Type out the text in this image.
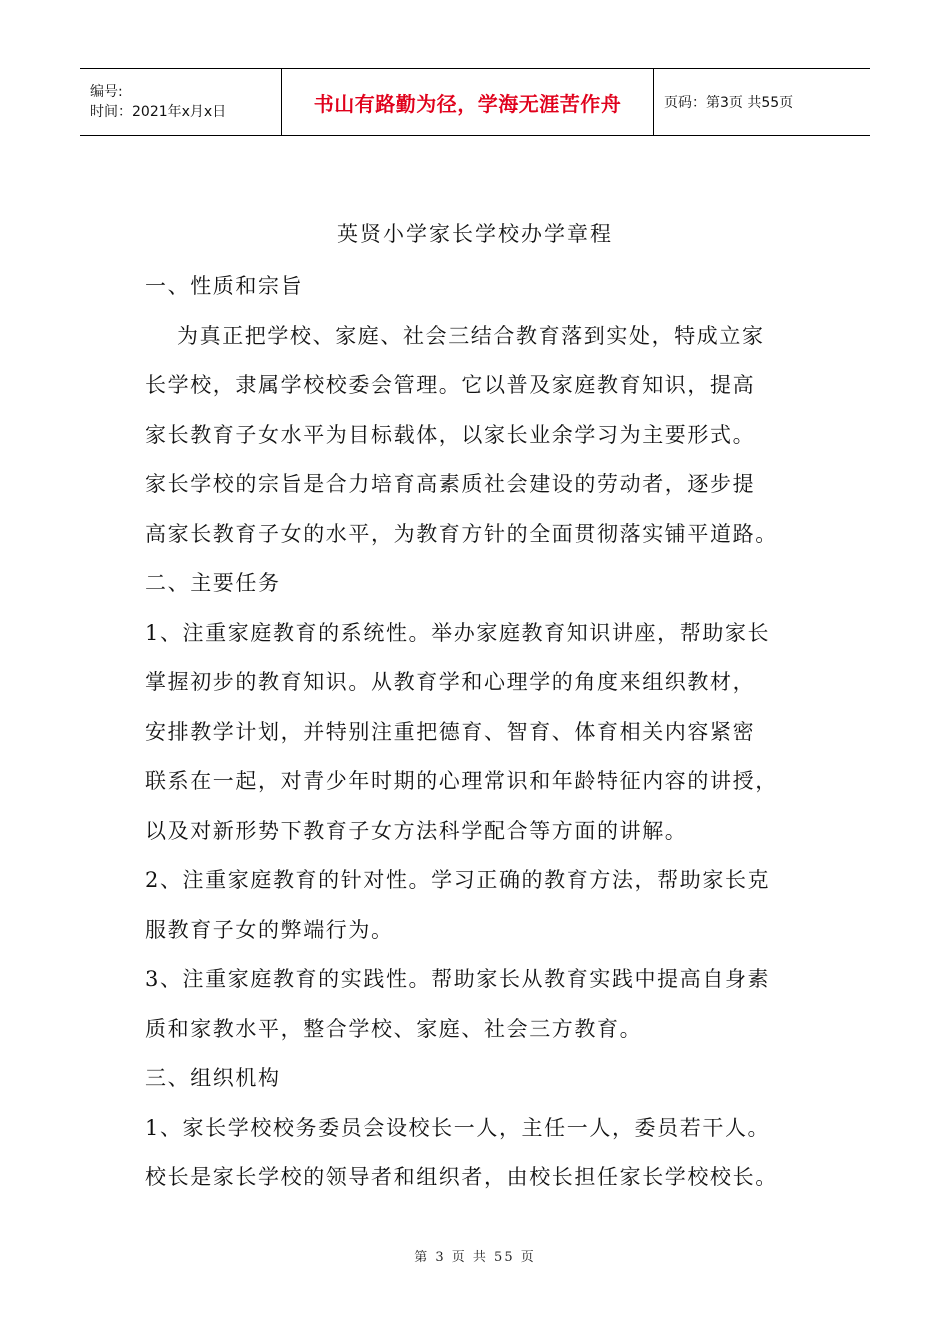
编号:
时间：2021年x月x日	书山有路勤为径，学海无涯苦作舟	页码：第3页 共55页
英贤小学家长学校办学章程

一、性质和宗旨

为真正把学校、家庭、社会三结合教育落到实处，特成立家

长学校，隶属学校校委会管理。它以普及家庭教育知识，提高

家长教育子女水平为目标载体，以家长业余学习为主要形式。

家长学校的宗旨是合力培育高素质社会建设的劳动者，逐步提

高家长教育子女的水平，为教育方针的全面贯彻落实铺平道路。

二、主要任务

1、注重家庭教育的系统性。举办家庭教育知识讲座，帮助家长

掌握初步的教育知识。从教育学和心理学的角度来组织教材，

安排教学计划，并特别注重把德育、智育、体育相关内容紧密

联系在一起，对青少年时期的心理常识和年龄特征内容的讲授，

以及对新形势下教育子女方法科学配合等方面的讲解。

2、注重家庭教育的针对性。学习正确的教育方法，帮助家长克

服教育子女的弊端行为。

3、注重家庭教育的实践性。帮助家长从教育实践中提高自身素

质和家教水平，整合学校、家庭、社会三方教育。

三、组织机构

1、家长学校校务委员会设校长一人，主任一人，委员若干人。

校长是家长学校的领导者和组织者，由校长担任家长学校校长。

第 3 页 共 55 页
